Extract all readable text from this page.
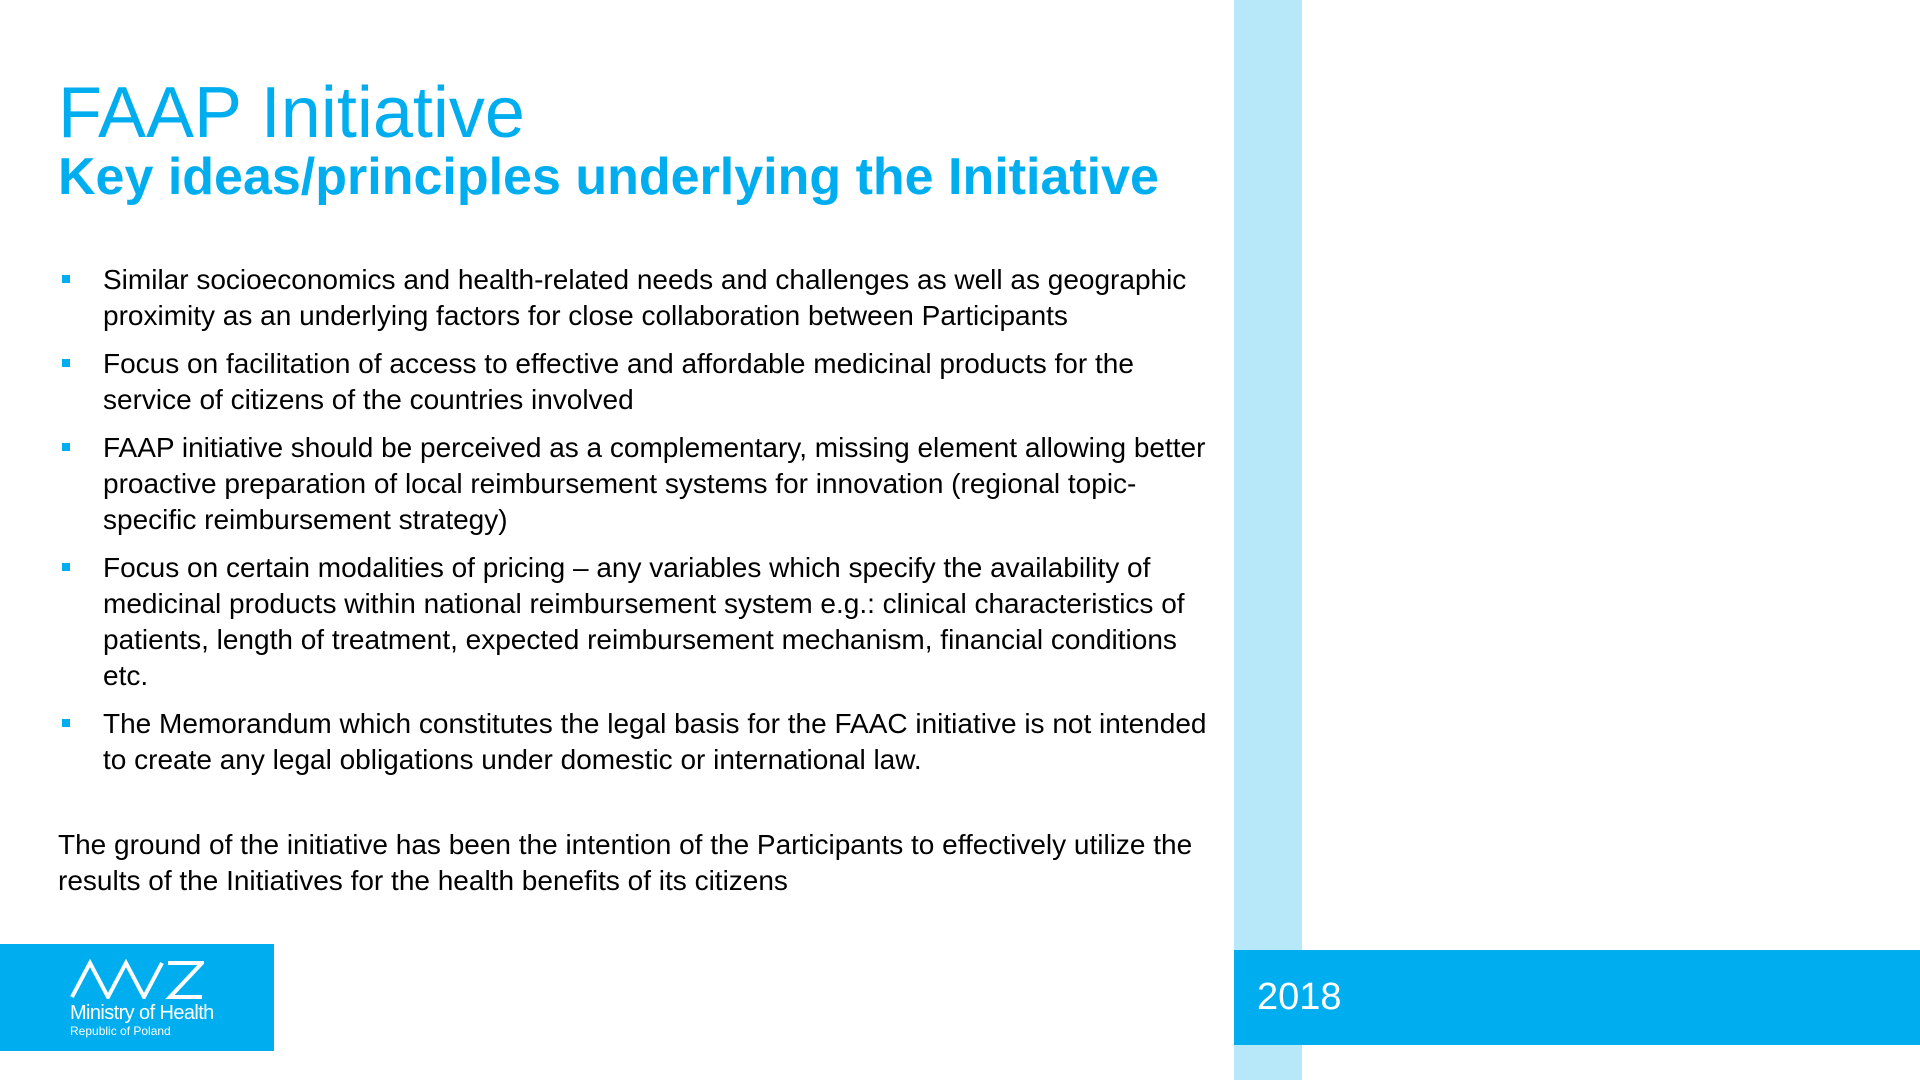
FAAP Initiative
Key ideas/principles underlying the Initiative
Similar socioeconomics and health-related needs and challenges as well as geographic proximity as an underlying factors for close collaboration between Participants
Focus on facilitation of access to effective and affordable medicinal products for the service of citizens of the countries involved
FAAP initiative should be perceived as a complementary, missing element allowing better proactive preparation of local reimbursement systems for innovation (regional topic-specific reimbursement strategy)
Focus on certain modalities of pricing – any variables which specify the availability of medicinal products within national reimbursement system e.g.: clinical characteristics of patients, length of treatment, expected reimbursement mechanism, financial conditions etc.
The Memorandum which constitutes the legal basis for the FAAC initiative is not intended to create any legal obligations under domestic or international law.

The ground of the initiative has been the intention of the Participants to effectively utilize the results of the Initiatives for the health benefits of its citizens

Ministry of Health
Republic of Poland
2018
